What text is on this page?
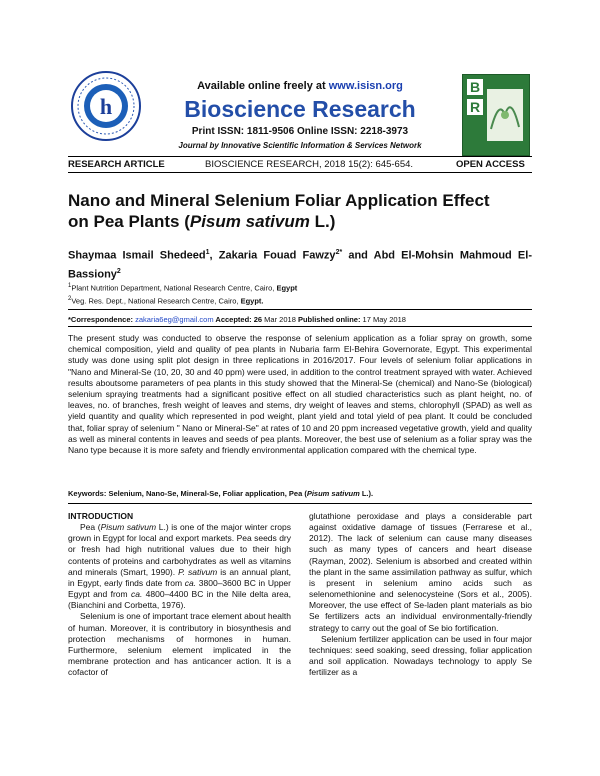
h
Available online freely at www.isisn.org
Bioscience Research
Print ISSN: 1811-9506 Online ISSN: 2218-3973
Journal by Innovative Scientific Information & Services Network
B
R
RESEARCH ARTICLE	BIOSCIENCE RESEARCH, 2018 15(2): 645-654.	OPEN ACCESS
Nano and Mineral Selenium Foliar Application Effect
on Pea Plants (Pisum sativum L.)
Shaymaa Ismail Shedeed$^1$, Zakaria Fouad Fawzy$^{2*}$ and Abd El-Mohsin Mahmoud El-Bassiony$^2$
$^1$Plant Nutrition Department, National Research Centre, Cairo, Egypt
$^2$Veg. Res. Dept., National Research Centre, Cairo, Egypt.
*Correspondence: zakaria6eg@gmail.com Accepted: 26 Mar 2018 Published online: 17 May 2018
The present study was conducted to observe the response of selenium application as a foliar spray on growth, some chemical composition, yield and quality of pea plants in Nubaria farm El-Behira Governorate, Egypt. This experimental study was done using split plot design in three replications in 2016/2017. Four levels of selenium foliar applications in "Nano and Mineral-Se (10, 20, 30 and 40 ppm) were used, in addition to the control treatment sprayed with water. Achieved results aboutsome parameters of pea plants in this study showed that the Mineral-Se (chemical) and Nano-Se (biological) selenium spraying treatments had a significant positive effect on all studied characteristics such as plant height, no. of leaves, no. of branches, fresh weight of leaves and stems, dry weight of leaves and stems, chlorophyll (SPAD) as well as yield quantity and quality which represented in pod weight, plant yield and total yield of pea plant. It could be concluded that, foliar spray of selenium " Nano or Mineral-Se" at rates of 10 and 20 ppm increased vegetative growth, yield and quality as well as mineral contents in leaves and seeds of pea plants. Moreover, the best use of selenium as a foliar spray was the Nano type because it is more safety and friendly environmental application compared with the chemical type.
Keywords: Selenium, Nano-Se, Mineral-Se, Foliar application, Pea (Pisum sativum L.).
INTRODUCTION

Pea (Pisum sativum L.) is one of the major winter crops grown in Egypt for local and export markets. Pea seeds dry or fresh had high nutritional values due to their high contents of proteins and carbohydrates as well as vitamins and minerals (Smart, 1990). P. sativum is an annual plant, in Egypt, early finds date from ca. 3800–3600 BC in Upper Egypt and from ca. 4800–4400 BC in the Nile delta area, (Bianchini and Corbetta, 1976).

Selenium is one of important trace element about health of human. Moreover, it is contributory in biosynthesis and protection mechanisms of hormones in human. Furthermore, selenium element implicated in the membrane protection and has anticancer action. It is a cofactor of

glutathione peroxidase and plays a considerable part against oxidative damage of tissues (Ferrarese et al., 2012). The lack of selenium can cause many diseases such as many types of cancers and heart disease (Rayman, 2002). Selenium is absorbed and created within the plant in the same assimilation pathway as sulfur, which is present in selenium amino acids such as selenomethionine and selenocysteine (Sors et al., 2005). Moreover, the use effect of Se-laden plant materials as bio Se fertilizers acts an individual environmentally-friendly strategy to carry out the goal of Se bio fortification.

Selenium fertilizer application can be used in four major techniques: seed soaking, seed dressing, foliar application and soil application. Nowadays technology to apply Se fertilizer as a
